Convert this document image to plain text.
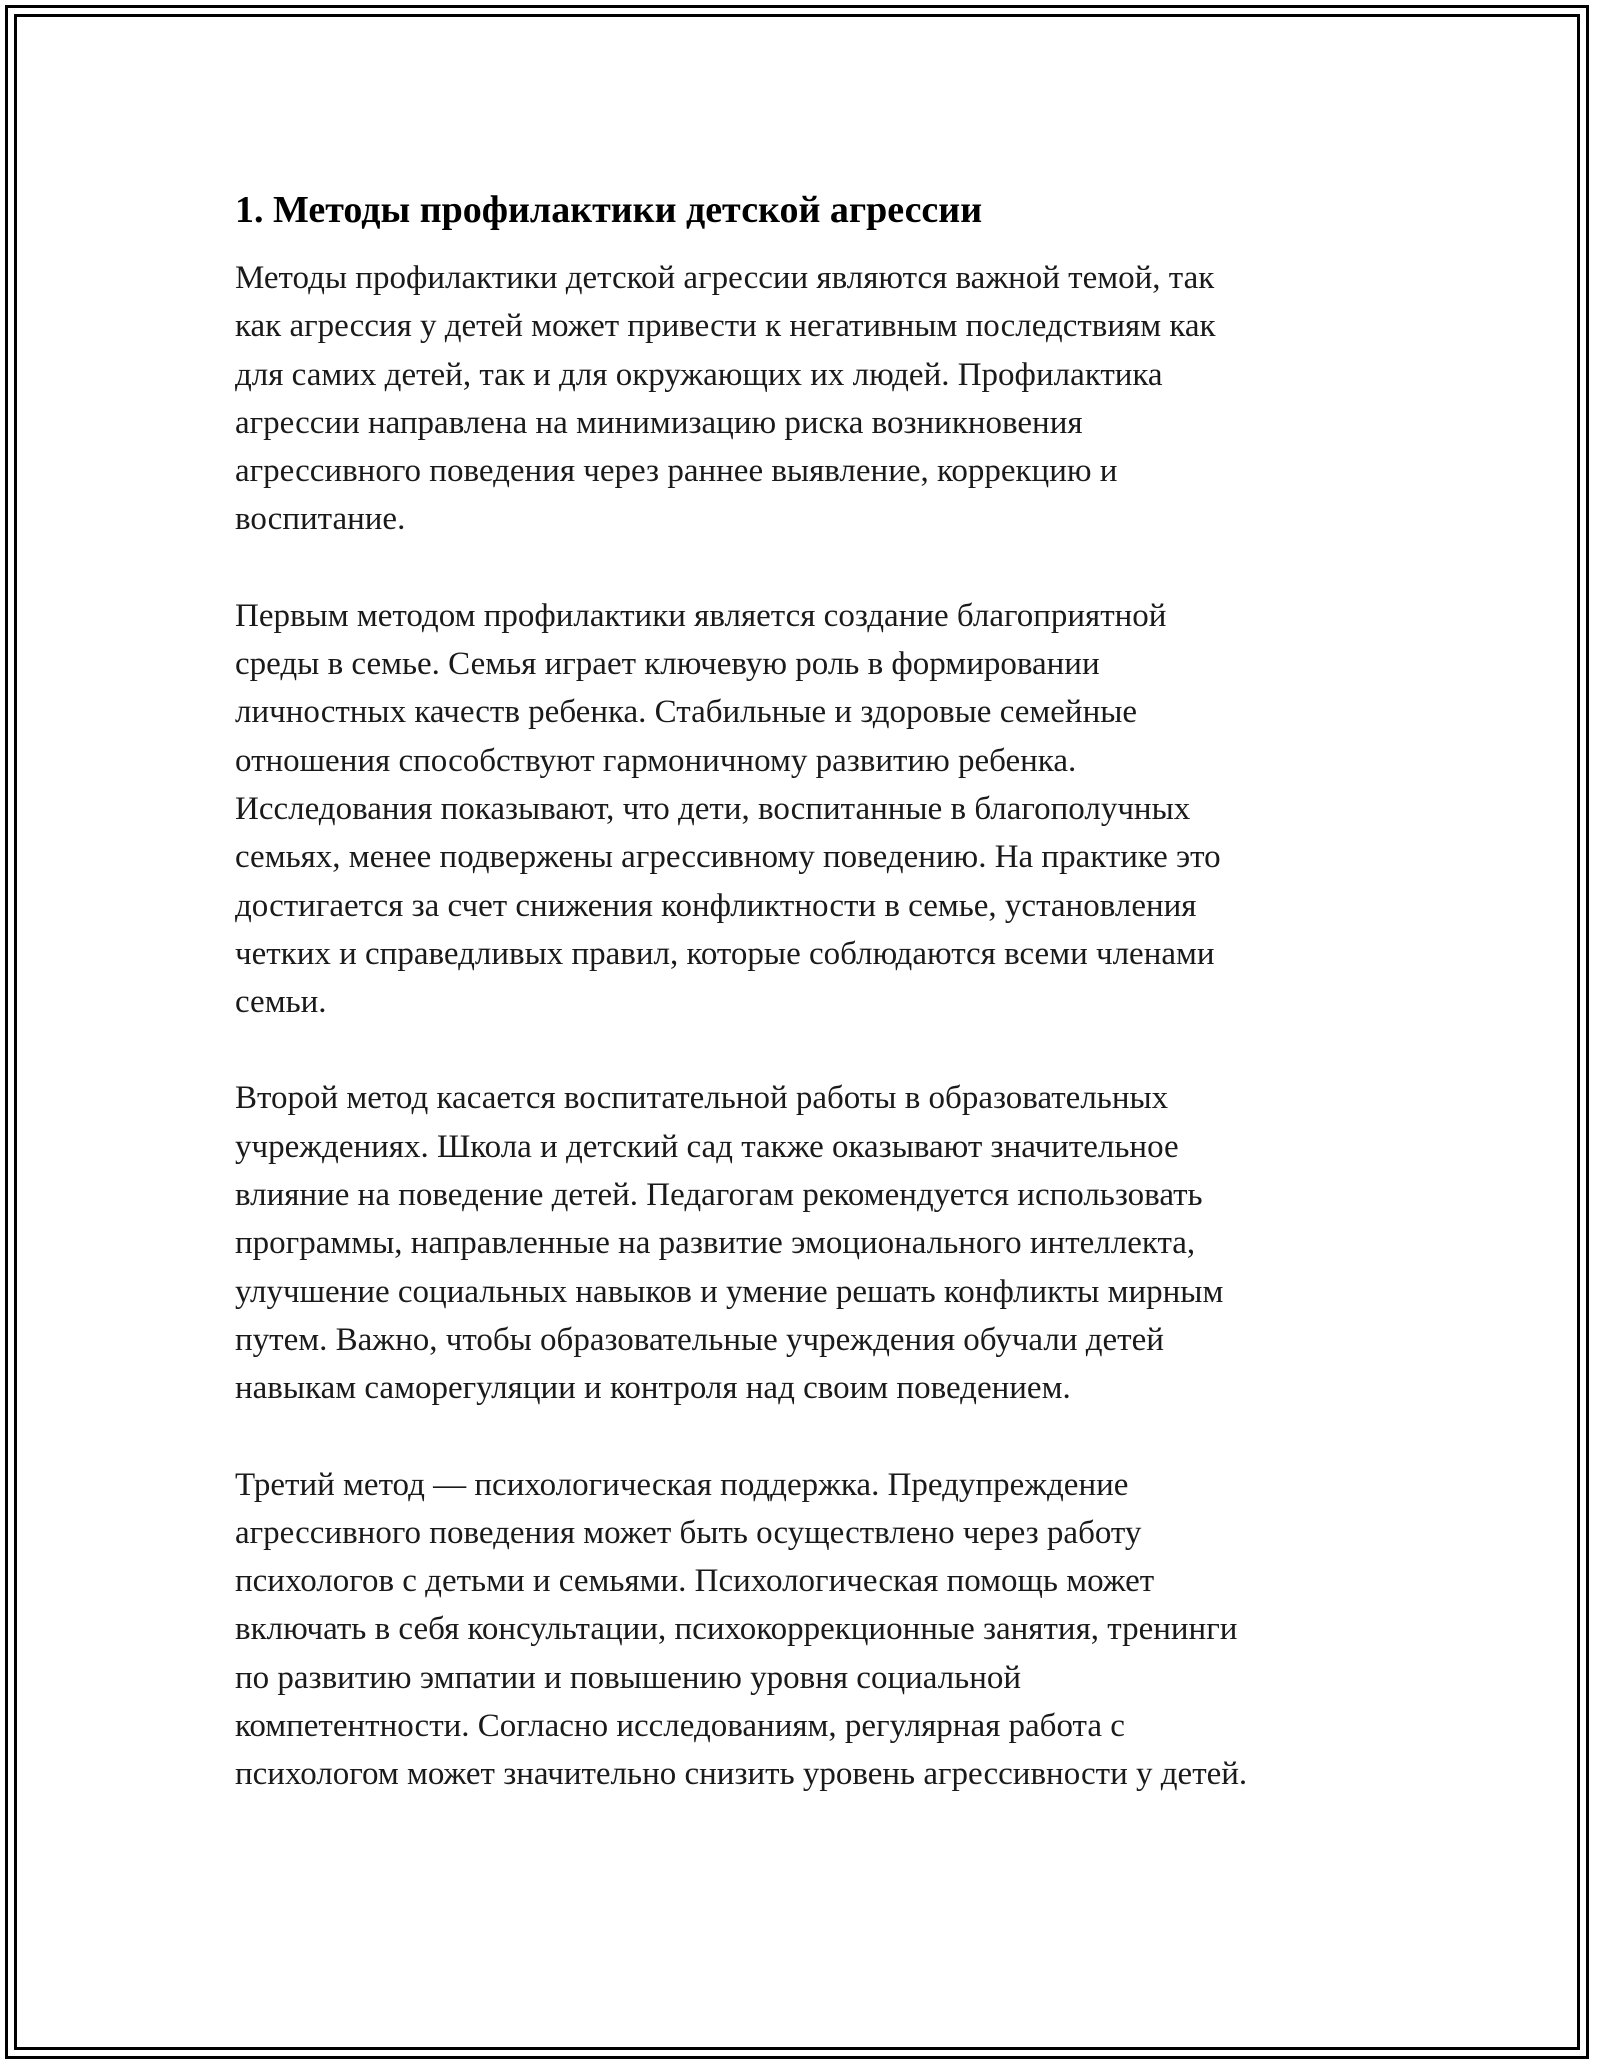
1. Методы профилактики детской агрессии
Методы профилактики детской агрессии являются важной темой, так
как агрессия у детей может привести к негативным последствиям как
для самих детей, так и для окружающих их людей. Профилактика
агрессии направлена на минимизацию риска возникновения
агрессивного поведения через раннее выявление, коррекцию и
воспитание.
Первым методом профилактики является создание благоприятной
среды в семье. Семья играет ключевую роль в формировании
личностных качеств ребенка. Стабильные и здоровые семейные
отношения способствуют гармоничному развитию ребенка.
Исследования показывают, что дети, воспитанные в благополучных
семьях, менее подвержены агрессивному поведению. На практике это
достигается за счет снижения конфликтности в семье, установления
четких и справедливых правил, которые соблюдаются всеми членами
семьи.
Второй метод касается воспитательной работы в образовательных
учреждениях. Школа и детский сад также оказывают значительное
влияние на поведение детей. Педагогам рекомендуется использовать
программы, направленные на развитие эмоционального интеллекта,
улучшение социальных навыков и умение решать конфликты мирным
путем. Важно, чтобы образовательные учреждения обучали детей
навыкам саморегуляции и контроля над своим поведением.
Третий метод — психологическая поддержка. Предупреждение
агрессивного поведения может быть осуществлено через работу
психологов с детьми и семьями. Психологическая помощь может
включать в себя консультации, психокоррекционные занятия, тренинги
по развитию эмпатии и повышению уровня социальной
компетентности. Согласно исследованиям, регулярная работа с
психологом может значительно снизить уровень агрессивности у детей.
